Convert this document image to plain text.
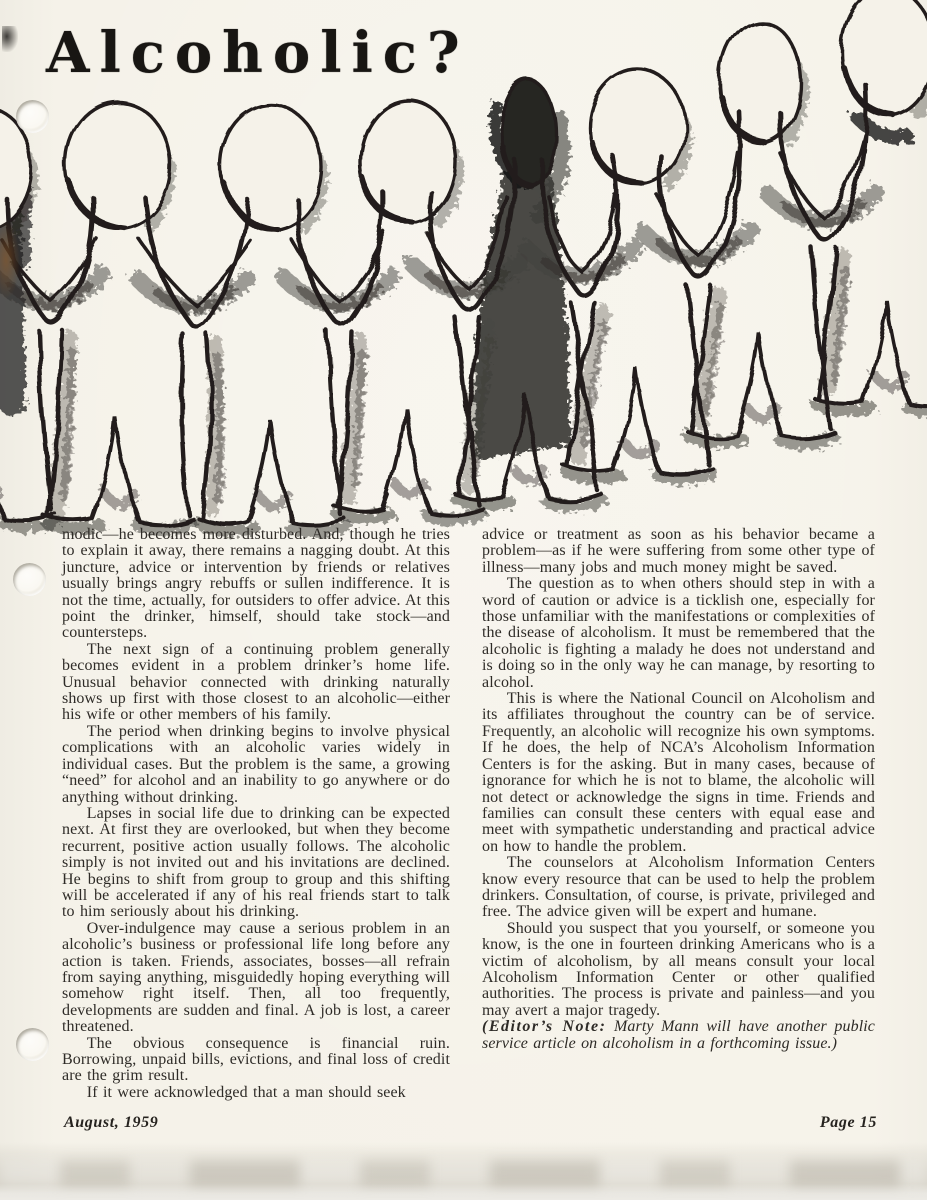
Alcoholic?

modic—he becomes more disturbed. And, though he tries to explain it away, there remains a nagging doubt. At this juncture, advice or intervention by friends or relatives usually brings angry rebuffs or sullen indifference. It is not the time, actually, for outsiders to offer advice. At this point the drinker, himself, should take stock—and countersteps.

The next sign of a continuing problem generally becomes evident in a problem drinker’s home life. Unusual behavior connected with drinking naturally shows up first with those closest to an alcoholic—either his wife or other members of his family.

The period when drinking begins to involve physical complications with an alcoholic varies widely in individual cases. But the problem is the same, a growing “need” for alcohol and an inability to go anywhere or do anything without drinking.

Lapses in social life due to drinking can be expected next. At first they are overlooked, but when they become recurrent, positive action usually follows. The alcoholic simply is not invited out and his invitations are declined. He begins to shift from group to group and this shifting will be accelerated if any of his real friends start to talk to him seriously about his drinking.

Over-indulgence may cause a serious problem in an alcoholic’s business or professional life long before any action is taken. Friends, associates, bosses—all refrain from saying anything, misguidedly hoping everything will somehow right itself. Then, all too frequently, developments are sudden and final. A job is lost, a career threatened.

The obvious consequence is financial ruin. Borrowing, unpaid bills, evictions, and final loss of credit are the grim result.

If it were acknowledged that a man should seek

advice or treatment as soon as his behavior became a problem—as if he were suffering from some other type of illness—many jobs and much money might be saved.

The question as to when others should step in with a word of caution or advice is a ticklish one, especially for those unfamiliar with the manifestations or complexities of the disease of alcoholism. It must be remembered that the alcoholic is fighting a malady he does not understand and is doing so in the only way he can manage, by resorting to alcohol.

This is where the National Council on Alcoholism and its affiliates throughout the country can be of service. Frequently, an alcoholic will recognize his own symptoms. If he does, the help of NCA’s Alcoholism Information Centers is for the asking. But in many cases, because of ignorance for which he is not to blame, the alcoholic will not detect or acknowledge the signs in time. Friends and families can consult these centers with equal ease and meet with sympathetic understanding and practical advice on how to handle the problem.

The counselors at Alcoholism Information Centers know every resource that can be used to help the problem drinkers. Consultation, of course, is private, privileged and free. The advice given will be expert and humane.

Should you suspect that you yourself, or someone you know, is the one in fourteen drinking Americans who is a victim of alcoholism, by all means consult your local Alcoholism Information Center or other qualified authorities. The process is private and painless—and you may avert a major tragedy.

(Editor’s Note: Marty Mann will have another public service article on alcoholism in a forthcoming issue.)

August, 1959	Page 15
